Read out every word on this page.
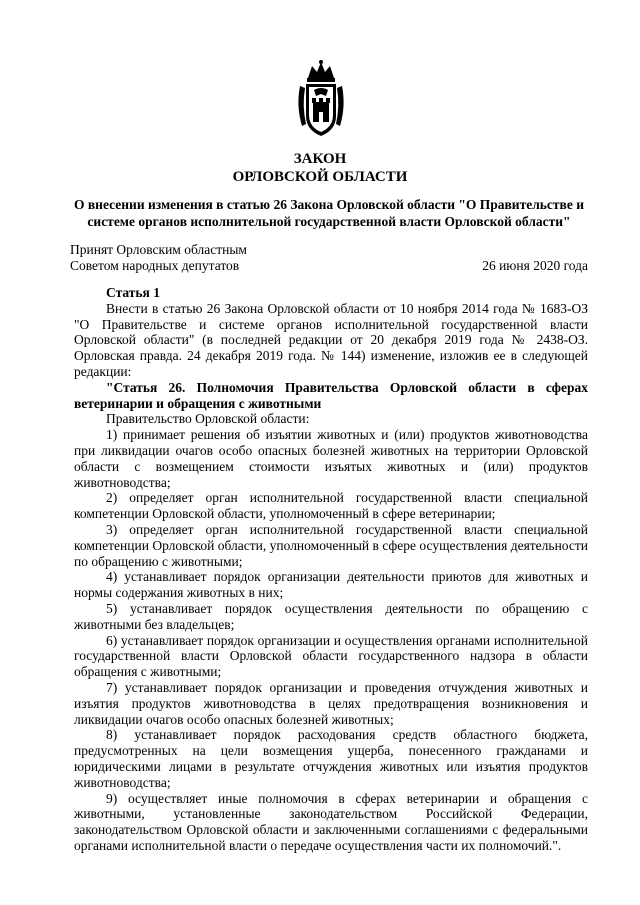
ЗАКОН
ОРЛОВСКОЙ ОБЛАСТИ
О внесении изменения в статью 26 Закона Орловской области "О Правительстве и системе органов исполнительной государственной власти Орловской области"
Принят Орловским областным
Советом народных депутатов	26 июня 2020 года

Статья 1

Внести в статью 26 Закона Орловской области от 10 ноября 2014 года № 1683-ОЗ "О Правительстве и системе органов исполнительной государственной власти Орловской области" (в последней редакции от 20 декабря 2019 года № 2438-ОЗ. Орловская правда. 24 декабря 2019 года. № 144) изменение, изложив ее в следующей редакции:

"Статья 26. Полномочия Правительства Орловской области в сферах ветеринарии и обращения с животными

Правительство Орловской области:

1) принимает решения об изъятии животных и (или) продуктов животноводства при ликвидации очагов особо опасных болезней животных на территории Орловской области с возмещением стоимости изъятых животных и (или) продуктов животноводства;

2) определяет орган исполнительной государственной власти специальной компетенции Орловской области, уполномоченный в сфере ветеринарии;

3) определяет орган исполнительной государственной власти специальной компетенции Орловской области, уполномоченный в сфере осуществления деятельности по обращению с животными;

4) устанавливает порядок организации деятельности приютов для животных и нормы содержания животных в них;

5) устанавливает порядок осуществления деятельности по обращению с животными без владельцев;

6) устанавливает порядок организации и осуществления органами исполнительной государственной власти Орловской области государственного надзора в области обращения с животными;

7) устанавливает порядок организации и проведения отчуждения животных и изъятия продуктов животноводства в целях предотвращения возникновения и ликвидации очагов особо опасных болезней животных;

8) устанавливает порядок расходования средств областного бюджета, предусмотренных на цели возмещения ущерба, понесенного гражданами и юридическими лицами в результате отчуждения животных или изъятия продуктов животноводства;

9) осуществляет иные полномочия в сферах ветеринарии и обращения с животными, установленные законодательством Российской Федерации, законодательством Орловской области и заключенными соглашениями с федеральными органами исполнительной власти о передаче осуществления части их полномочий.".
